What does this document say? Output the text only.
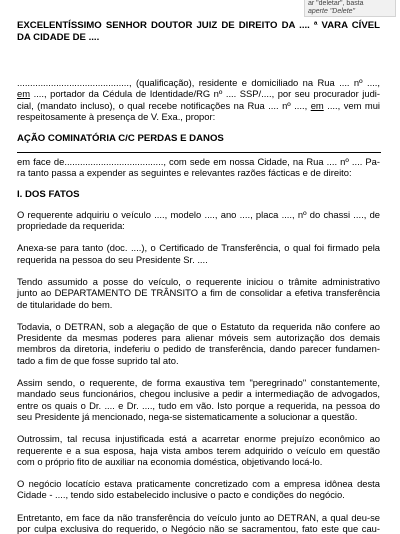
ar "deletar", basta
aperte "Delete"
EXCELENTÍSSIMO SENHOR DOUTOR JUIZ DE DIREITO DA .... ª VARA CÍVEL
DA CIDADE DE ....
..........................................., (qualificação), residente e domiciliado na Rua .... nº ....,
em ...., portador da Cédula de Identidade/RG nº .... SSP/...., por seu procurador judi-
cial, (mandato incluso), o qual recebe notificações na Rua .... nº ...., em ...., vem mui
respeitosamente à presença de V. Exa., propor:
AÇÃO COMINATÓRIA C/C PERDAS E DANOS
em face de......................................, com sede em nossa Cidade, na Rua .... nº .... Pa-
ra tanto passa a expender as seguintes e relevantes razões fácticas e de direito:
I. DOS FATOS
O requerente adquiriu o veículo ...., modelo ...., ano ...., placa ...., nº do chassi ...., de
propriedade da requerida:
Anexa-se para tanto (doc. ....), o Certificado de Transferência, o qual foi firmado pela
requerida na pessoa do seu Presidente Sr. ....
Tendo assumido a posse do veículo, o requerente iniciou o trâmite administrativo
junto ao DEPARTAMENTO DE TRÂNSITO a fim de consolidar a efetiva transferência
de titularidade do bem.
Todavia, o DETRAN, sob a alegação de que o Estatuto da requerida não confere ao
Presidente da mesmas poderes para alienar móveis sem autorização dos demais
membros da diretoria, indeferiu o pedido de transferência, dando parecer fundamen-
tado a fim de que fosse suprido tal ato.
Assim sendo, o requerente, de forma exaustiva tem "peregrinado" constantemente,
mandado seus funcionários, chegou inclusive a pedir a intermediação de advogados,
entre os quais o Dr. .... e Dr. ...., tudo em vão. Isto porque a requerida, na pessoa do
seu Presidente já mencionado, nega-se sistematicamente a solucionar a questão.
Outrossim, tal recusa injustificada está a acarretar enorme prejuízo econômico ao
requerente e a sua esposa, haja vista ambos terem adquirido o veículo em questão
com o próprio fito de auxiliar na economia doméstica, objetivando locá-lo.
O negócio locatício estava praticamente concretizado com a empresa idônea desta
Cidade - ...., tendo sido estabelecido inclusive o pacto e condições do negócio.
Entretanto, em face da não transferência do veículo junto ao DETRAN, a qual deu-se
por culpa exclusiva do requerido, o Negócio não se sacramentou, fato este que cau-
